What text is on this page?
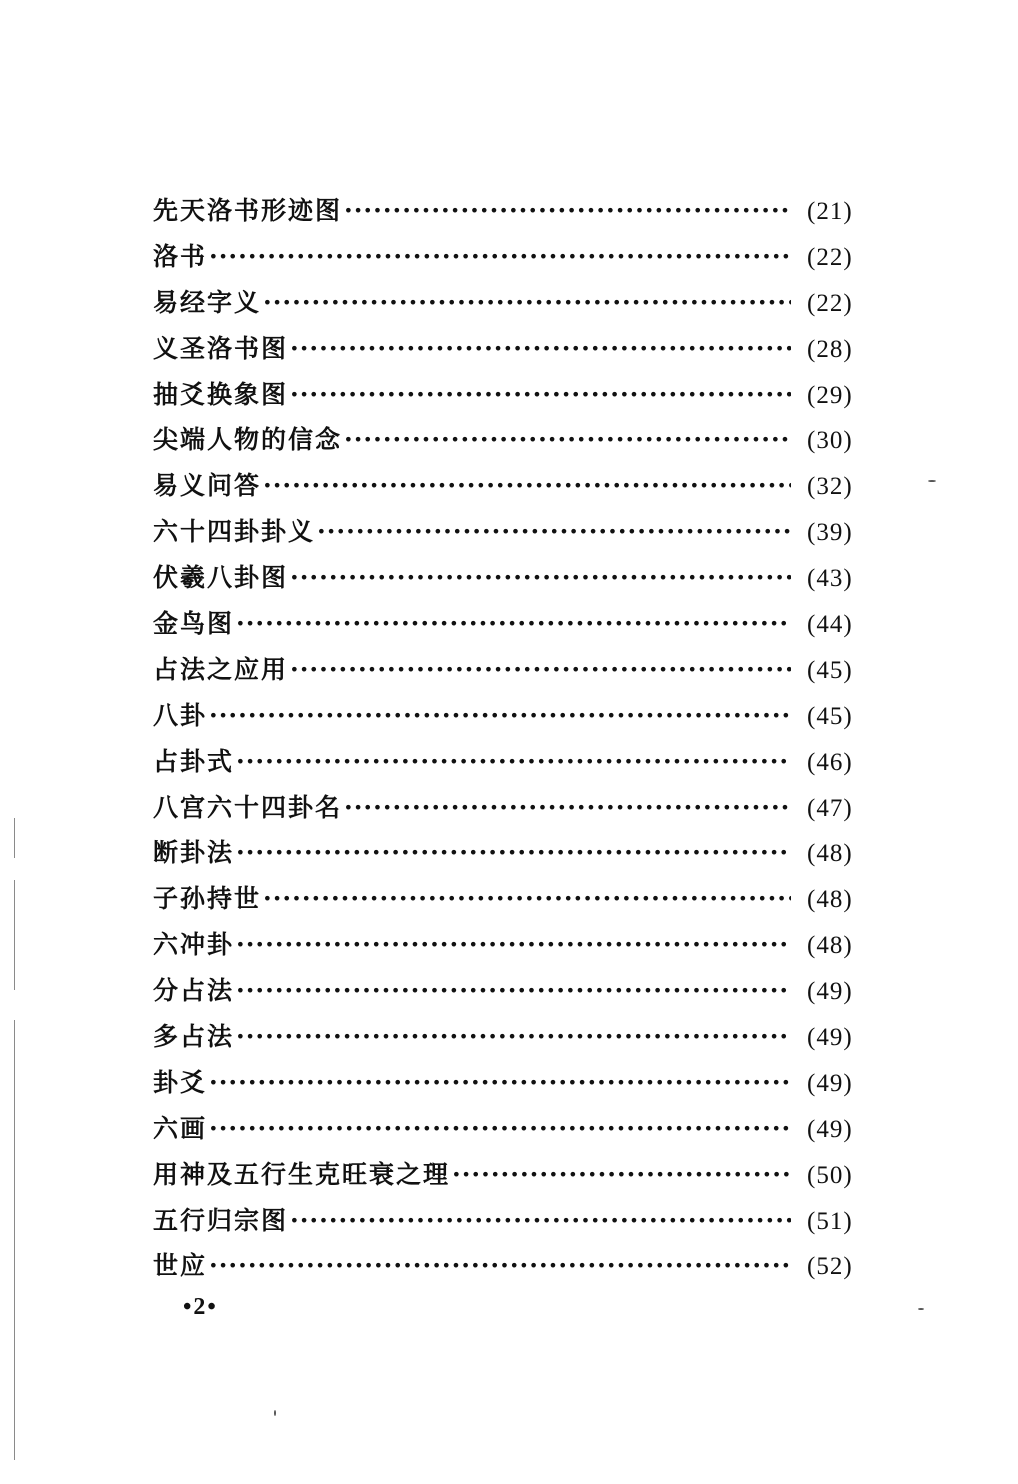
先天洛书形迹图 ·····	(21)
洛书 ·····	(22)
易经字义 ·····	(22)
义圣洛书图 ·····	(28)
抽爻换象图 ·····	(29)
尖端人物的信念 ·····	(30)
易义问答 ·····	(32)
六十四卦卦义 ·····	(39)
伏羲八卦图 ·····	(43)
金鸟图 ·····	(44)
占法之应用 ·····	(45)
八卦 ·····	(45)
占卦式 ·····	(46)
八宫六十四卦名 ·····	(47)
断卦法 ·····	(48)
子孙持世 ·····	(48)
六冲卦 ·····	(48)
分占法 ·····	(49)
多占法 ·····	(49)
卦爻 ·····	(49)
六画 ·····	(49)
用神及五行生克旺衰之理 ·····	(50)
五行归宗图 ·····	(51)
世应 ·····	(52)
•2•
